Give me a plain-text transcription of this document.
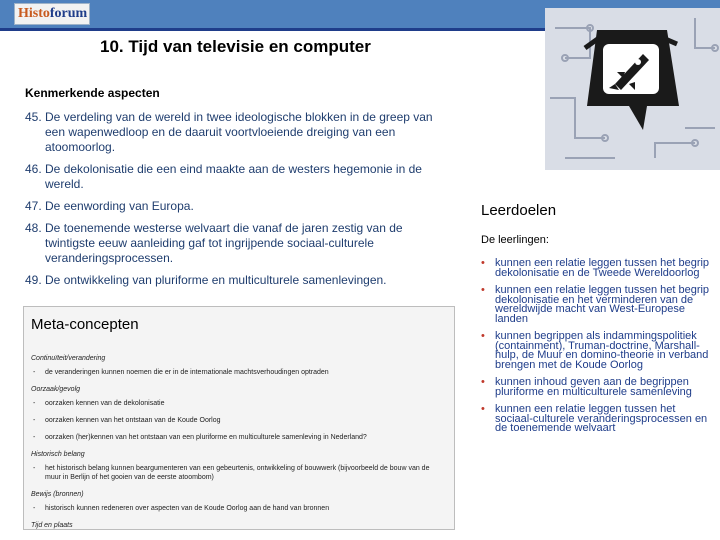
Histoforum
10. Tijd van televisie en computer
Kenmerkende aspecten
45. De verdeling van de wereld in twee ideologische blokken in de greep van een wapenwedloop en de daaruit voortvloeiende dreiging van een atoomoorlog.
46. De dekolonisatie die een eind maakte aan de westers hegemonie in de wereld.
47. De eenwording van Europa.
48. De toenemende westerse welvaart die vanaf de jaren zestig van de twintigste eeuw aanleiding gaf tot ingrijpende sociaal-culturele veranderingsprocessen.
49. De ontwikkeling van pluriforme en multiculturele samenlevingen.
Meta-concepten
Continuïteit/verandering
- de veranderingen kunnen noemen die er in de internationale machtsverhoudingen optraden
Oorzaak/gevolg
- oorzaken kennen van de dekolonisatie
- oorzaken kennen van het ontstaan van de Koude Oorlog
- oorzaken (her)kennen van het ontstaan van een pluriforme en multiculturele samenleving in Nederland?
Historisch belang
- het historisch belang kunnen beargumenteren van een gebeurtenis, ontwikkeling of bouwwerk (bijvoorbeeld de bouw van de muur in Berlijn of het gooien van de eerste atoombom)
Bewijs (bronnen)
- historisch kunnen redeneren over aspecten van de Koude Oorlog aan de hand van bronnen
Tijd en plaats
Leerdoelen
De leerlingen:
• kunnen een relatie leggen tussen het begrip dekolonisatie en de Tweede Wereldoorlog
• kunnen een relatie leggen tussen het begrip dekolonisatie en het verminderen van de wereldwijde macht van West-Europese landen
• kunnen begrippen als indammingspolitiek (containment), Truman-doctrine, Marshall-hulp, de Muur en domino-theorie in verband brengen met de Koude Oorlog
• kunnen inhoud geven aan de begrippen pluriforme en multiculturele samenleving
• kunnen een relatie leggen tussen het sociaal-culturele veranderingsprocessen en de toenemende welvaart
